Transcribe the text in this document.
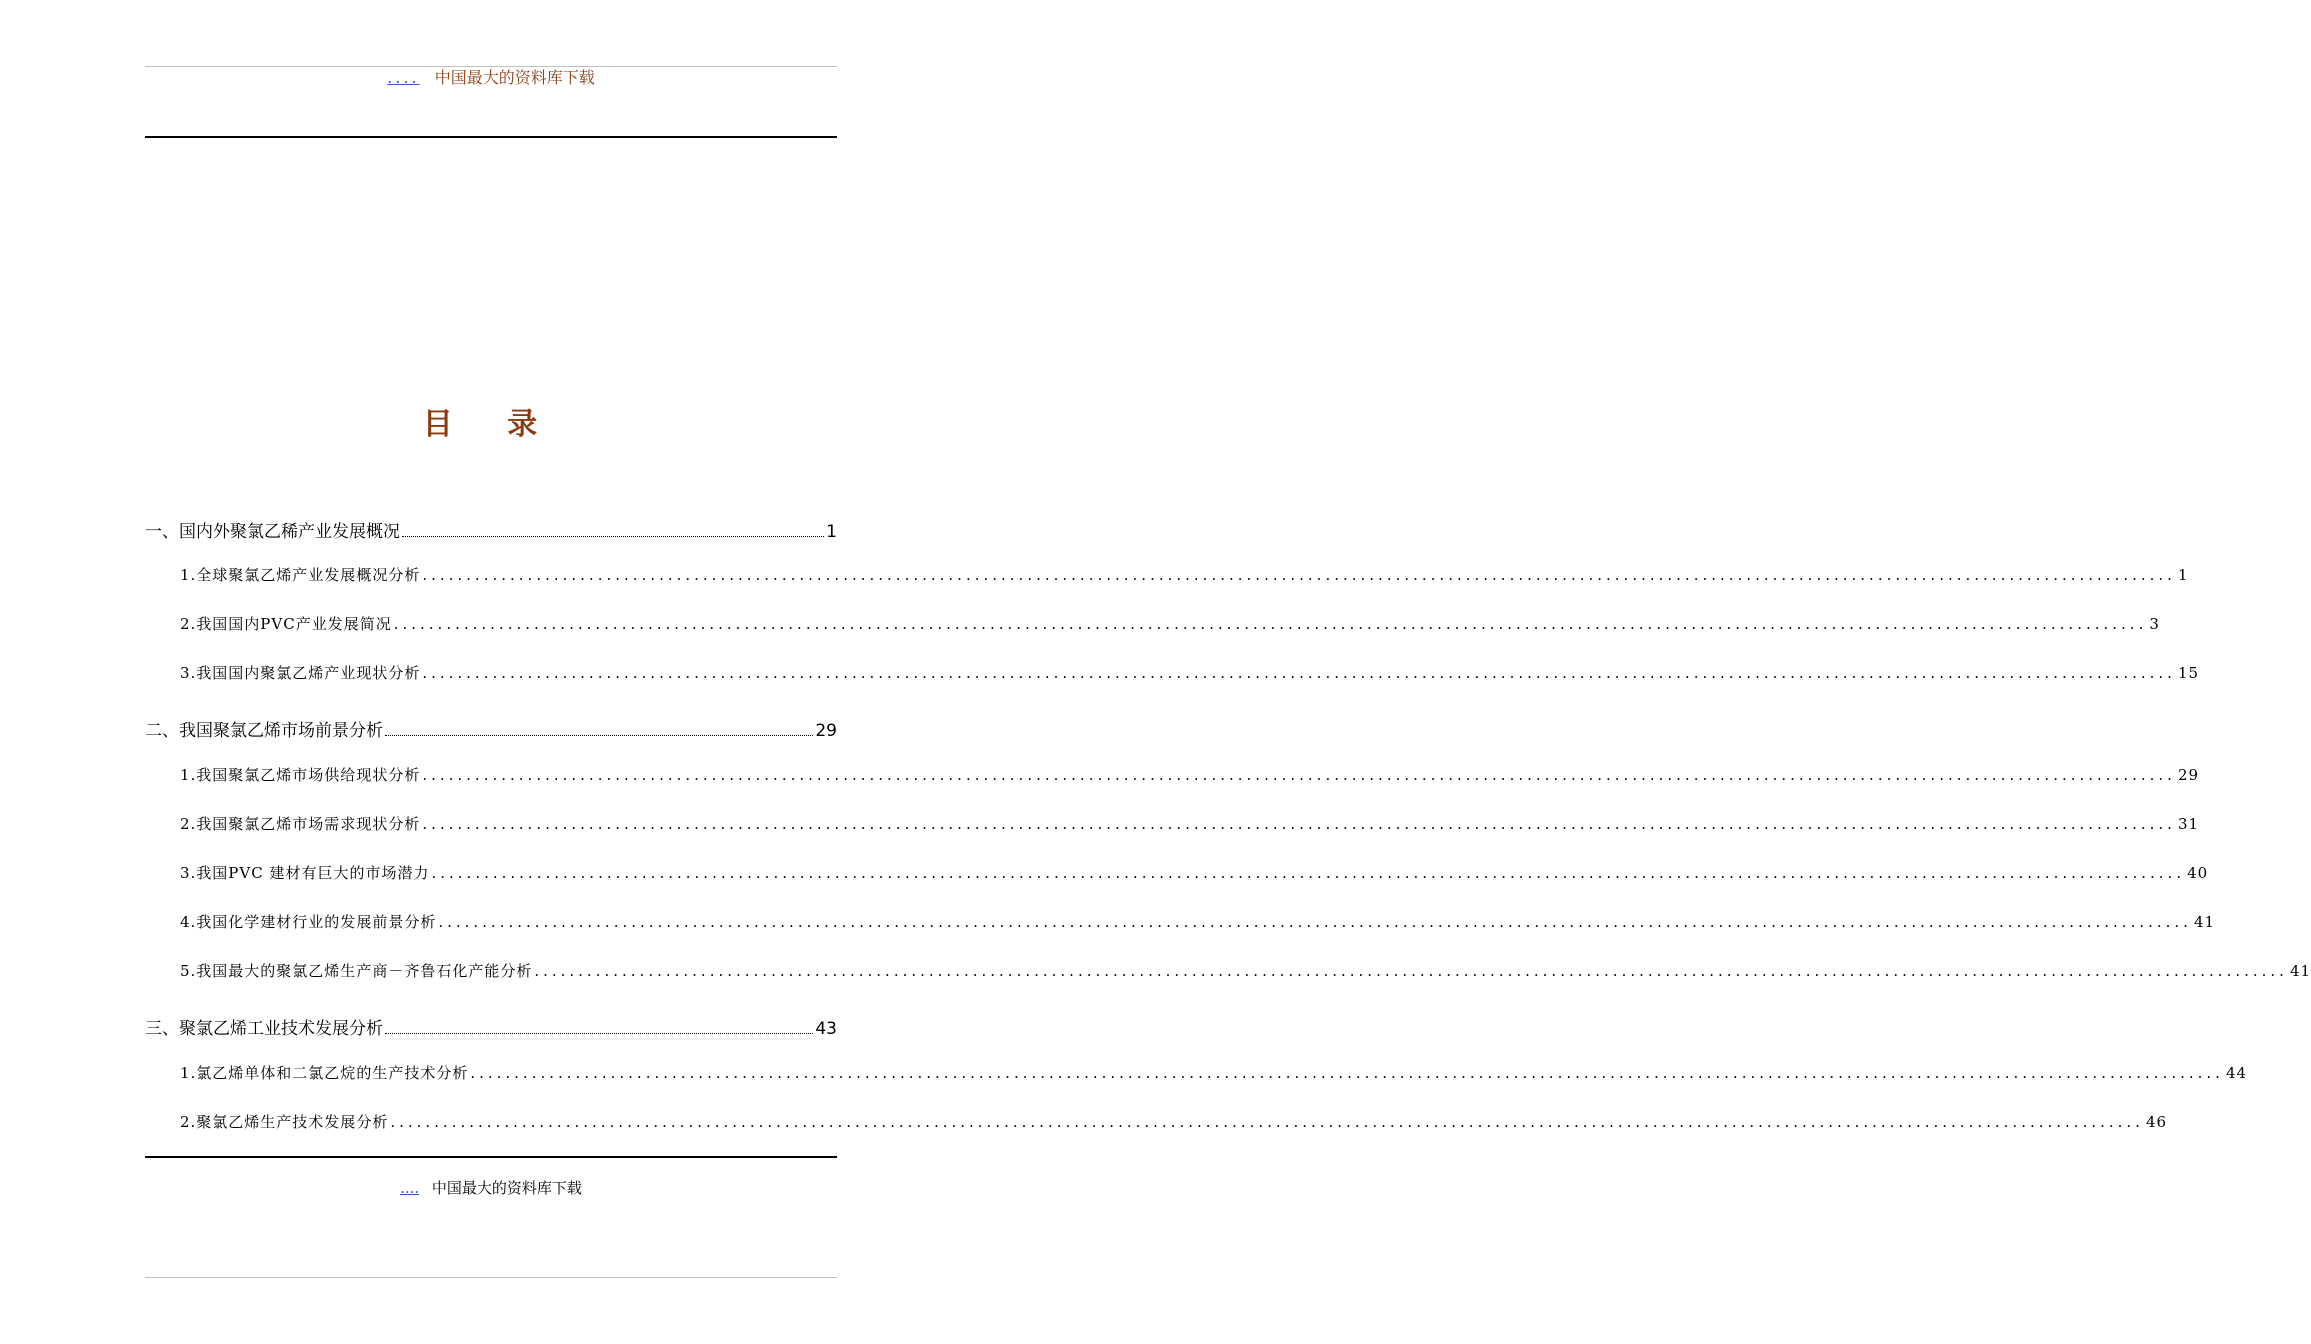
.... 中国最大的资料库下载
目 录
一、国内外聚氯乙稀产业发展概况	1
1.全球聚氯乙烯产业发展概况分析 ........................................................................................................................................................................................................ 1
2.我国国内PVC产业发展简况 ........................................................................................................................................................................................................ 3
3.我国国内聚氯乙烯产业现状分析 ........................................................................................................................................................................................................ 15
二、我国聚氯乙烯市场前景分析	29
1.我国聚氯乙烯市场供给现状分析 ........................................................................................................................................................................................................ 29
2.我国聚氯乙烯市场需求现状分析 ........................................................................................................................................................................................................ 31
3.我国PVC 建材有巨大的市场潜力 ........................................................................................................................................................................................................ 40
4.我国化学建材行业的发展前景分析 ........................................................................................................................................................................................................ 41
5.我国最大的聚氯乙烯生产商－齐鲁石化产能分析 ........................................................................................................................................................................................................ 41
三、聚氯乙烯工业技术发展分析	43
1.氯乙烯单体和二氯乙烷的生产技术分析 ........................................................................................................................................................................................................ 44
2.聚氯乙烯生产技术发展分析 ........................................................................................................................................................................................................ 46
.... 中国最大的资料库下载
